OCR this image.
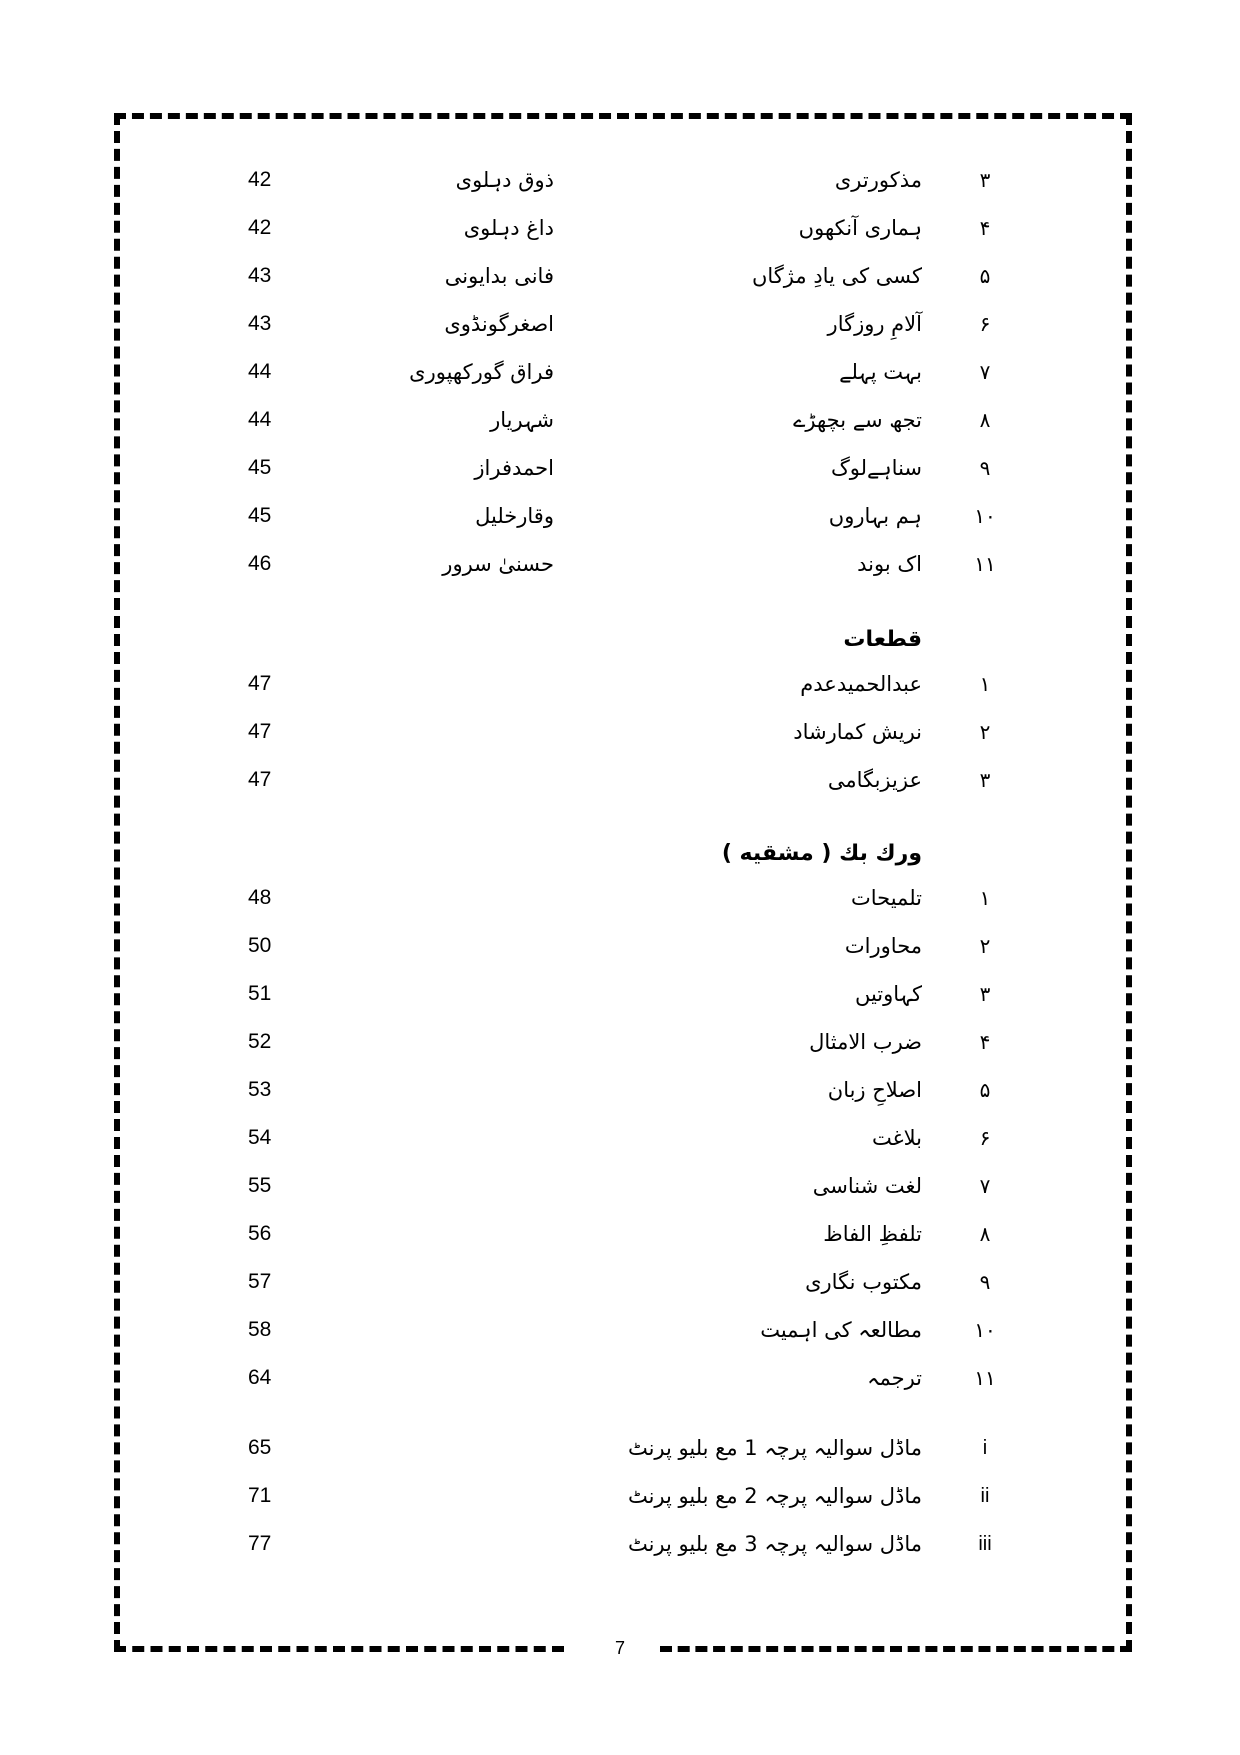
۳
مذکورتری
ذوق دہلوی
42
۴
ہماری آنکھوں
داغ دہلوی
42
۵
کسی کی یادِ مژگاں
فانی بدایونی
43
۶
آلامِ روزگار
اصغرگونڈوی
43
۷
بہت پہلے
فراق گورکھپوری
44
۸
تجھ سے بچھڑے
شہریار
44
۹
سناہےلوگ
احمدفراز
45
۱۰
ہم بہاروں
وقارخلیل
45
۱۱
اک بوند
حسنیٰ سرور
46
قطعات
۱
عبدالحمیدعدم
47
۲
نریش کمارشاد
47
۳
عزیزبگامی
47
ورك بك ( مشقيه )
۱
تلمیحات
48
۲
محاورات
50
۳
کہاوتیں
51
۴
ضرب الامثال
52
۵
اصلاحِ زبان
53
۶
بلاغت
54
۷
لغت شناسی
55
۸
تلفظِ الفاظ
56
۹
مکتوب نگاری
57
۱۰
مطالعہ کی اہمیت
58
۱۱
ترجمہ
64
i
ماڈل سوالیہ پرچہ 1 مع بلیو پرنٹ
65
ii
ماڈل سوالیہ پرچہ 2 مع بلیو پرنٹ
71
iii
ماڈل سوالیہ پرچہ 3 مع بلیو پرنٹ
77
7
